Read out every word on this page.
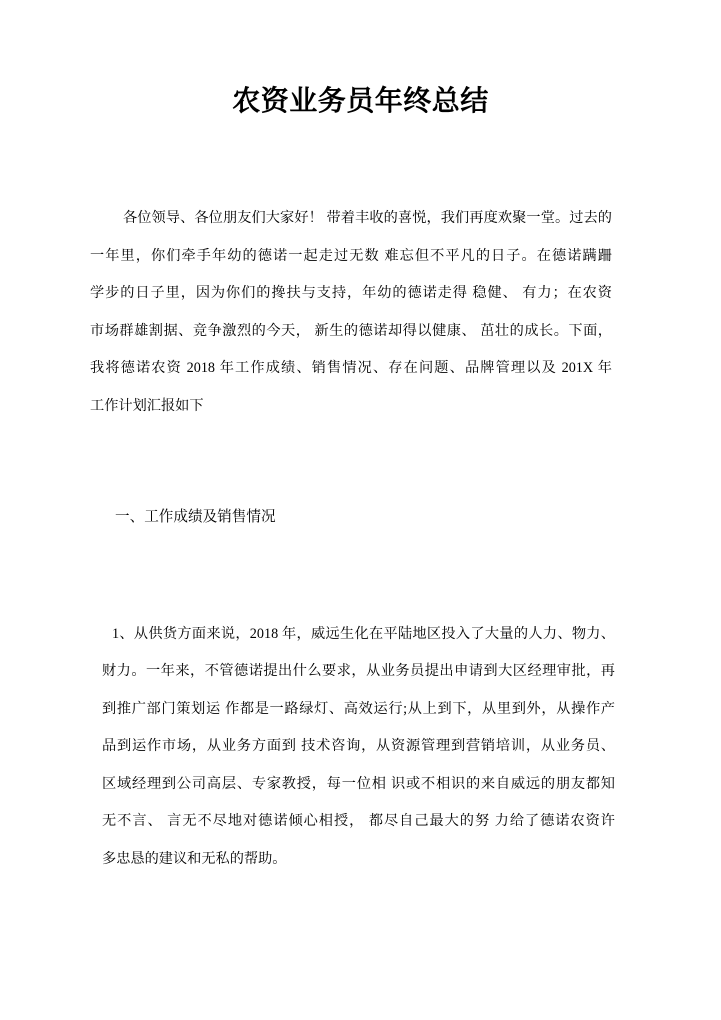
农资业务员年终总结
各位领导、各位朋友们大家好！ 带着丰收的喜悦，我们再度欢聚一堂。过去的
一年里，你们牵手年幼的德诺一起走过无数 难忘但不平凡的日子。在德诺蹒跚
学步的日子里，因为你们的搀扶与支持，年幼的德诺走得 稳健、 有力；在农资
市场群雄割据、竞争激烈的今天， 新生的德诺却得以健康、 茁壮的成长。下面，
我将德诺农资 2018 年工作成绩、销售情况、存在问题、品牌管理以及 201X 年
工作计划汇报如下
一、工作成绩及销售情况
1、从供货方面来说，2018 年，威远生化在平陆地区投入了大量的人力、物力、
财力。一年来，不管德诺提出什么要求，从业务员提出申请到大区经理审批，再
到推广部门策划运 作都是一路绿灯、高效运行;从上到下，从里到外，从操作产
品到运作市场，从业务方面到 技术咨询，从资源管理到营销培训，从业务员、
区域经理到公司高层、专家教授，每一位相 识或不相识的来自威远的朋友都知
无不言、 言无不尽地对德诺倾心相授， 都尽自己最大的努 力给了德诺农资许
多忠恳的建议和无私的帮助。
